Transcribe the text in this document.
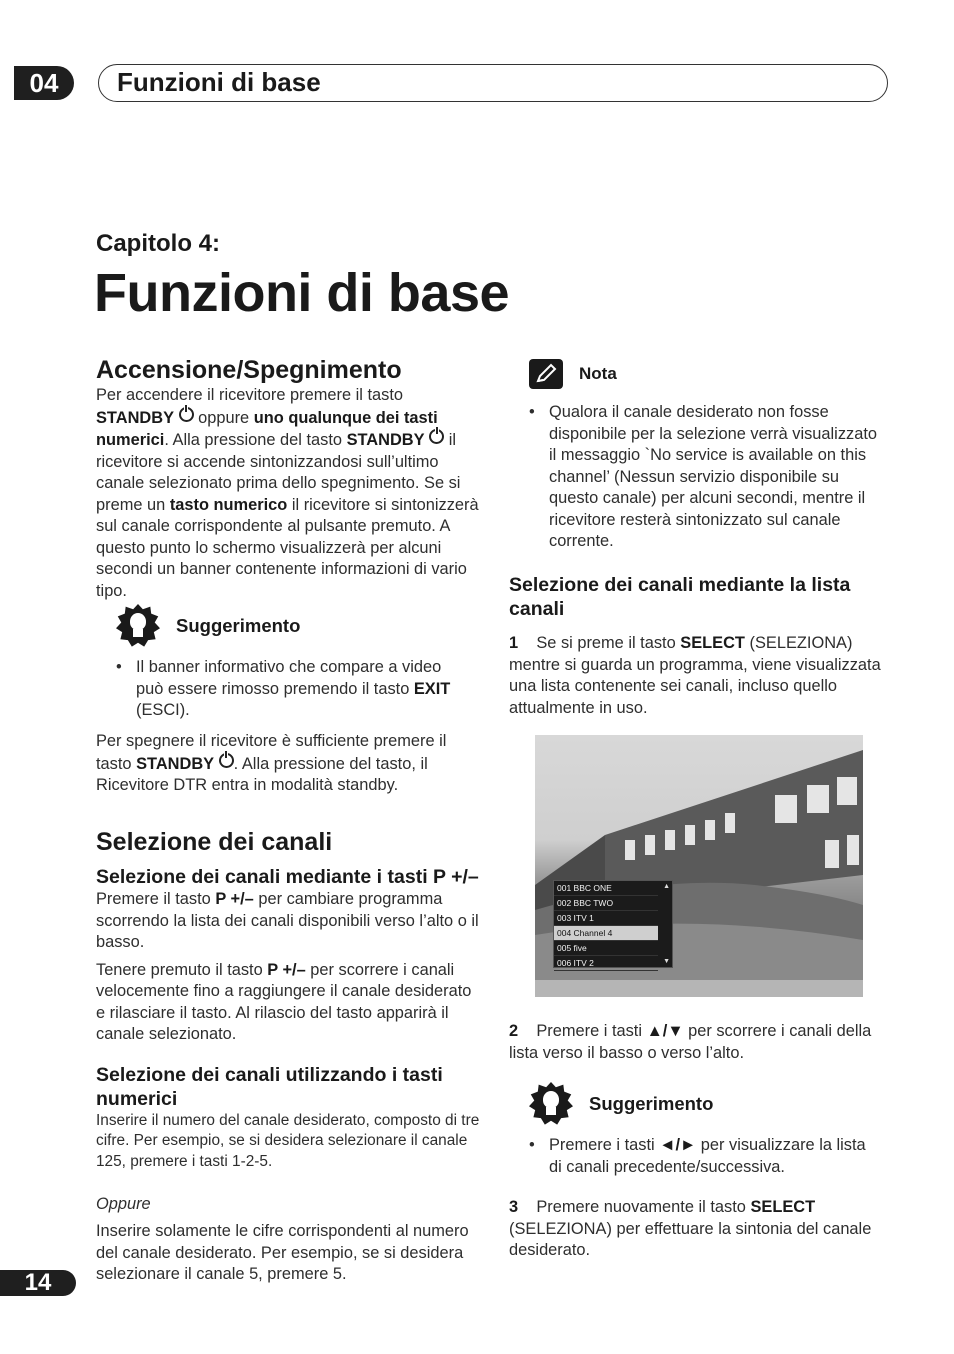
04	Funzioni di base
Capitolo 4:
Funzioni di base
Accensione/Spegnimento

Per accendere il ricevitore premere il tasto STANDBY  oppure uno qualunque dei tasti numerici. Alla pressione del tasto STANDBY  il ricevitore si accende sintonizzandosi sull’ultimo canale selezionato prima dello spegnimento. Se si preme un tasto numerico il ricevitore si sintonizzerà sul canale corrispondente al pulsante premuto. A questo punto lo schermo visualizzerà per alcuni secondi un banner contenente informazioni di vario tipo.

Suggerimento
• Il banner informativo che compare a video può essere rimosso premendo il tasto EXIT (ESCI).

Per spegnere il ricevitore è sufficiente premere il tasto STANDBY . Alla pressione del tasto, il Ricevitore DTR entra in modalità standby.

Selezione dei canali
Selezione dei canali mediante i tasti P +/–

Premere il tasto P +/– per cambiare programma scorrendo la lista dei canali disponibili verso l’alto o il basso.

Tenere premuto il tasto P +/– per scorrere i canali velocemente fino a raggiungere il canale desiderato e rilasciare il tasto. Al rilascio del tasto apparirà il canale selezionato.

Selezione dei canali utilizzando i tasti numerici

Inserire il numero del canale desiderato, composto di tre cifre. Per esempio, se si desidera selezionare il canale 125, premere i tasti 1-2-5.

Oppure

Inserire solamente le cifre corrispondenti al numero del canale desiderato. Per esempio, se si desidera selezionare il canale 5, premere 5.

14
Nota
• Qualora il canale desiderato non fosse disponibile per la selezione verrà visualizzato il messaggio `No service is available on this channel’ (Nessun servizio disponibile su questo canale) per alcuni secondi, mentre il ricevitore resterà sintonizzato sul canale corrente.
Selezione dei canali mediante la lista canali

1 Se si preme il tasto SELECT (SELEZIONA) mentre si guarda un programma, viene visualizzata una lista contenente sei canali, incluso quello attualmente in uso.

001 BBC ONE
002 BBC TWO
003 ITV 1
004 Channel 4
005 five
006 ITV 2	▼
▲

2 Premere i tasti ▲/▼ per scorrere i canali della lista verso il basso o verso l’alto.

Suggerimento
• Premere i tasti ◄/► per visualizzare la lista di canali precedente/successiva.

3 Premere nuovamente il tasto SELECT (SELEZIONA) per effettuare la sintonia del canale desiderato.
